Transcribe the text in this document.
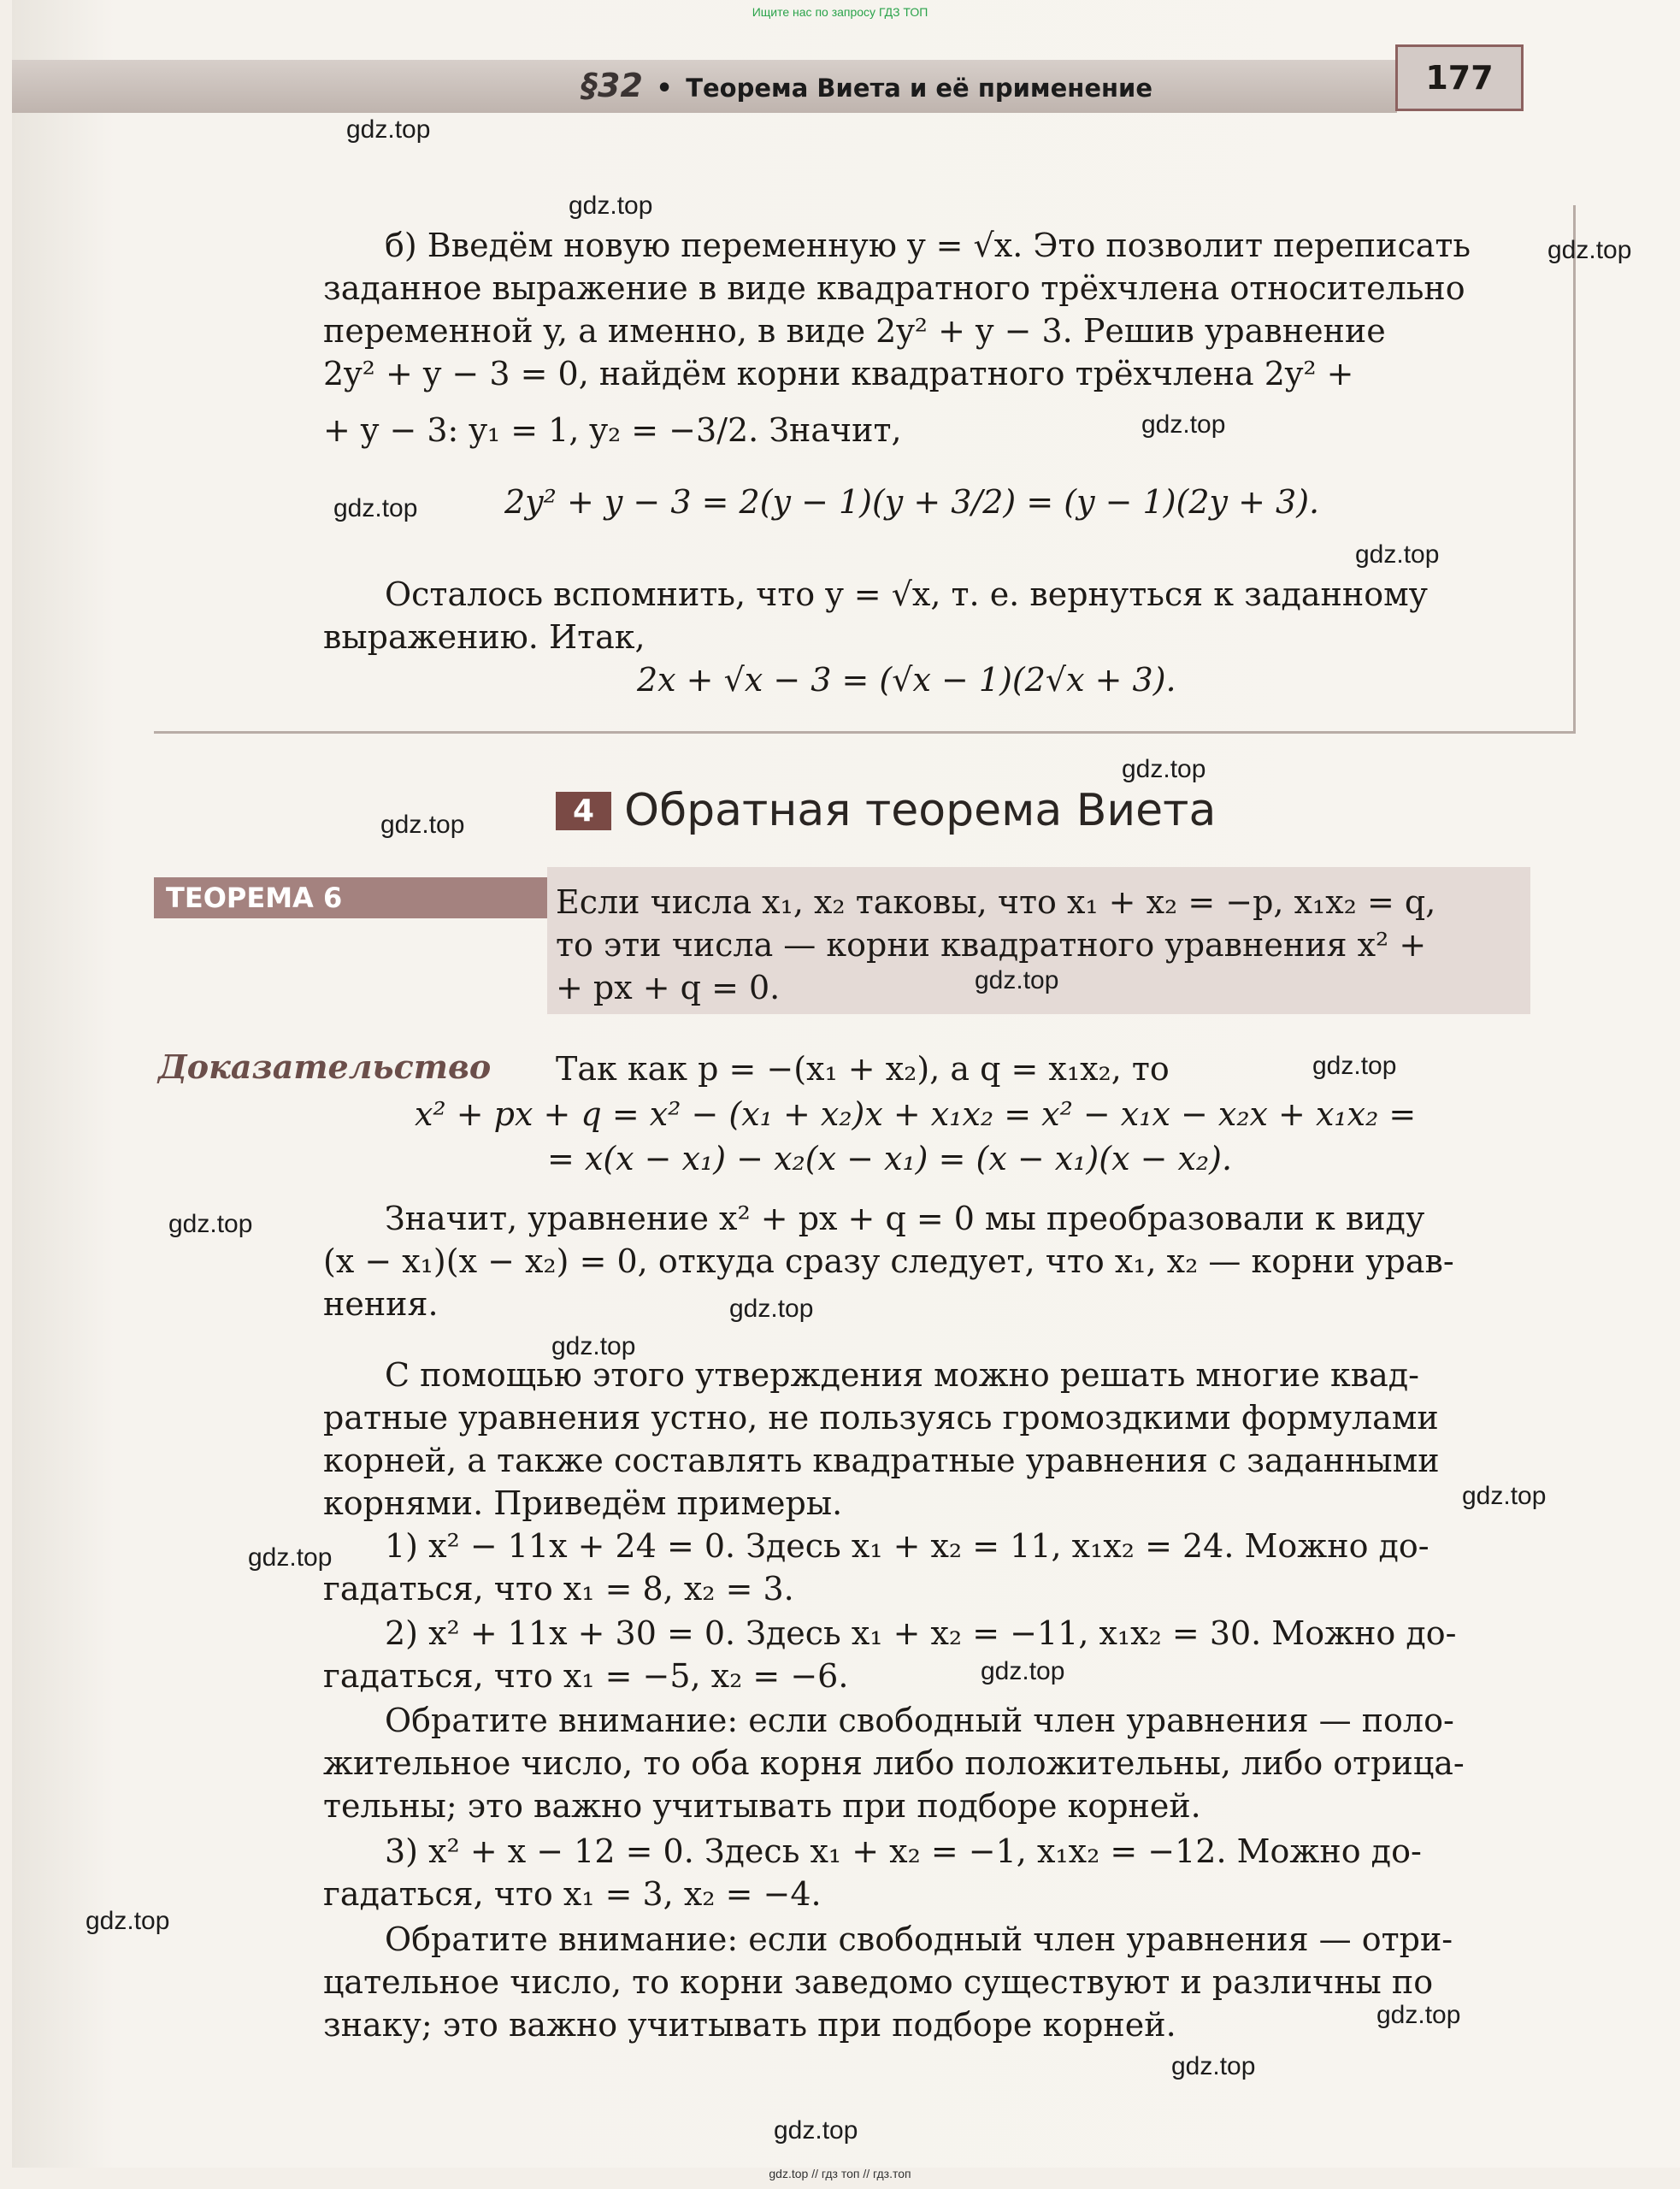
Ищите нас по запросу ГДЗ ТОП
§32 • Теорема Виета и её применение	177
б) Введём новую переменную y = √x. Это позволит переписать
заданное выражение в виде квадратного трёхчлена относительно
переменной y, а именно, в виде 2y² + y − 3. Решив уравнение
2y² + y − 3 = 0, найдём корни квадратного трёхчлена 2y² +
+ y − 3: y₁ = 1, y₂ = −3/2. Значит,
2y² + y − 3 = 2(y − 1)(y + 3/2) = (y − 1)(2y + 3).
Осталось вспомнить, что y = √x, т. е. вернуться к заданному
выражению. Итак,
2x + √x − 3 = (√x − 1)(2√x + 3).
4 Обратная теорема Виета
ТЕОРЕМА 6	Если числа x₁, x₂ таковы, что x₁ + x₂ = −p, x₁x₂ = q,
то эти числа — корни квадратного уравнения x² +
+ px + q = 0.
Доказательство Так как p = −(x₁ + x₂), а q = x₁x₂, то
x² + px + q = x² − (x₁ + x₂)x + x₁x₂ = x² − x₁x − x₂x + x₁x₂ =
= x(x − x₁) − x₂(x − x₁) = (x − x₁)(x − x₂).
Значит, уравнение x² + px + q = 0 мы преобразовали к виду
(x − x₁)(x − x₂) = 0, откуда сразу следует, что x₁, x₂ — корни урав-
нения.
С помощью этого утверждения можно решать многие квад-
ратные уравнения устно, не пользуясь громоздкими формулами
корней, а также составлять квадратные уравнения с заданными
корнями. Приведём примеры.
1) x² − 11x + 24 = 0. Здесь x₁ + x₂ = 11, x₁x₂ = 24. Можно до-
гадаться, что x₁ = 8, x₂ = 3.
2) x² + 11x + 30 = 0. Здесь x₁ + x₂ = −11, x₁x₂ = 30. Можно до-
гадаться, что x₁ = −5, x₂ = −6.
Обратите внимание: если свободный член уравнения — поло-
жительное число, то оба корня либо положительны, либо отрица-
тельны; это важно учитывать при подборе корней.
3) x² + x − 12 = 0. Здесь x₁ + x₂ = −1, x₁x₂ = −12. Можно до-
гадаться, что x₁ = 3, x₂ = −4.
Обратите внимание: если свободный член уравнения — отри-
цательное число, то корни заведомо существуют и различны по
знаку; это важно учитывать при подборе корней.
gdz.top
gdz.top
gdz.top
gdz.top
gdz.top
gdz.top
gdz.top
gdz.top
gdz.top
gdz.top
gdz.top
gdz.top
gdz.top
gdz.top
gdz.top
gdz.top
gdz.top
gdz.top
gdz.top
gdz.top
gdz.top // гдз топ // гдз.топ
